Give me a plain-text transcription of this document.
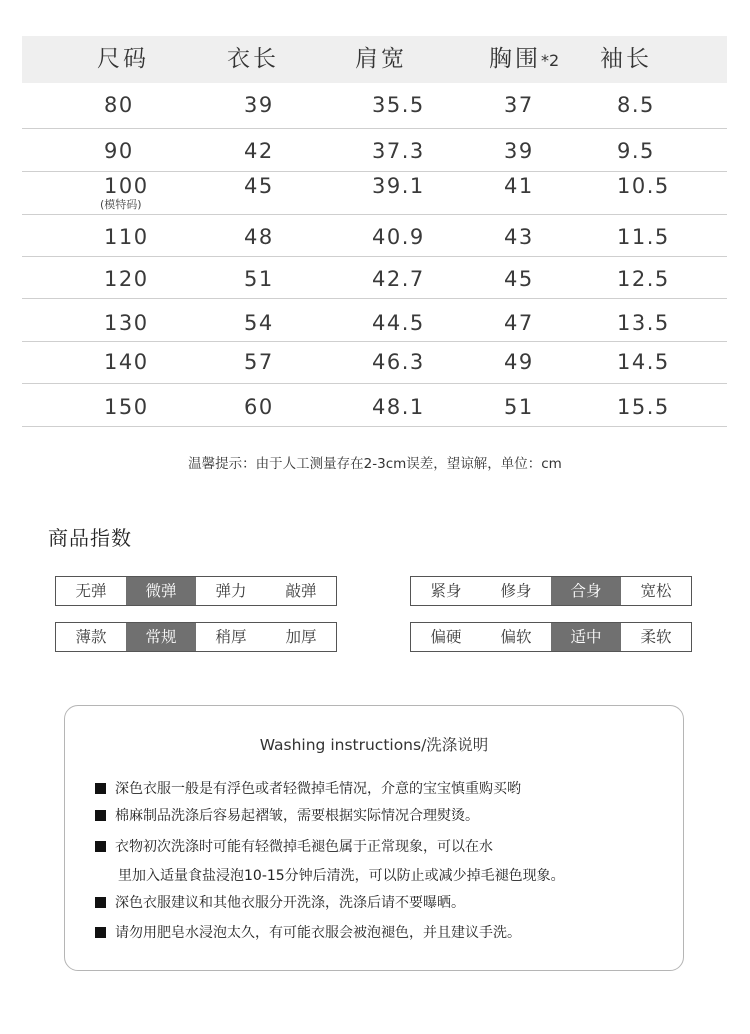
尺码	衣长	肩宽	胸围*2 袖长
80	39	35.5	37	8.5
90	42	37.3	39	9.5
100	45	39.1	41	10.5
(模特码)
110	48	40.9	43	11.5
120	51	42.7	45	12.5
130	54	44.5	47	13.5
140	57	46.3	49	14.5
150	60	48.1	51	15.5
温馨提示：由于人工测量存在2-3cm误差，望谅解，单位：cm
商品指数
无弹	微弹	弹力	敲弹	紧身	修身	合身	宽松
薄款	常规	稍厚	加厚	偏硬	偏软	适中	柔软
Washing instructions/洗涤说明
深色衣服一般是有浮色或者轻微掉毛情况，介意的宝宝慎重购买哟
棉麻制品洗涤后容易起褶皱，需要根据实际情况合理熨烫。
衣物初次洗涤时可能有轻微掉毛褪色属于正常现象，可以在水
里加入适量食盐浸泡10-15分钟后清洗，可以防止或减少掉毛褪色现象。
深色衣服建议和其他衣服分开洗涤，洗涤后请不要曝晒。
请勿用肥皂水浸泡太久，有可能衣服会被泡褪色，并且建议手洗。
